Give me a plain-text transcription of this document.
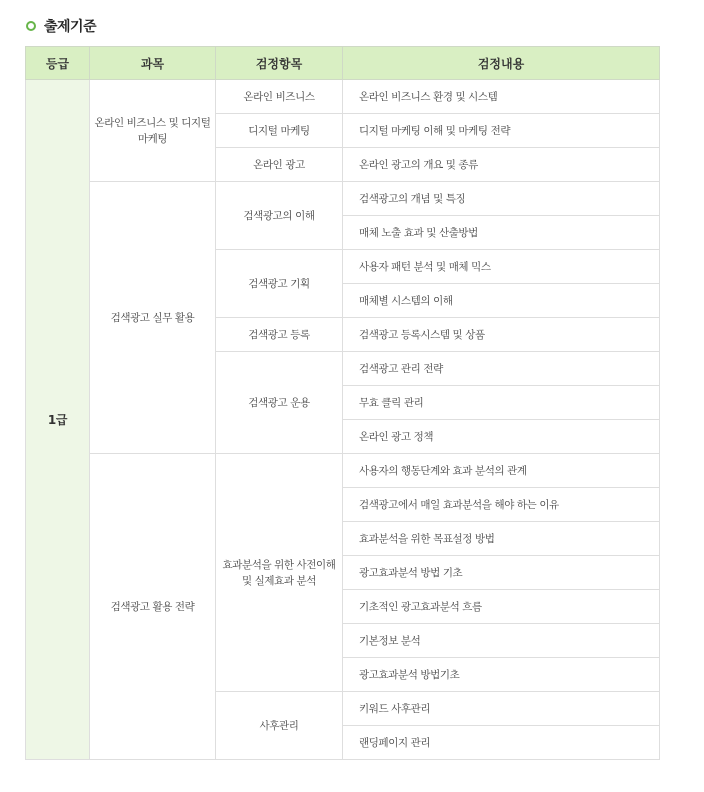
출제기준
등급	과목	검정항목	검정내용
1급	온라인 비즈니스 및 디지털 마케팅	온라인 비즈니스	온라인 비즈니스 환경 및 시스템
		디지털 마케팅	디지털 마케팅 이해 및 마케팅 전략
		온라인 광고	온라인 광고의 개요 및 종류
	검색광고 실무 활용	검색광고의 이해	검색광고의 개념 및 특징
			매체 노출 효과 및 산출방법
		검색광고 기획	사용자 패턴 분석 및 매체 믹스
			매체별 시스템의 이해
		검색광고 등록	검색광고 등록시스템 및 상품
		검색광고 운용	검색광고 관리 전략
			무효 클릭 관리
			온라인 광고 정책
	검색광고 활용 전략	효과분석을 위한 사전이해 및 실제효과 분석	사용자의 행동단계와 효과 분석의 관계
			검색광고에서 매일 효과분석을 해야 하는 이유
			효과분석을 위한 목표설정 방법
			광고효과분석 방법 기초
			기초적인 광고효과분석 흐름
			기본정보 분석
			광고효과분석 방법기초
		사후관리	키워드 사후관리
			랜딩페이지 관리
